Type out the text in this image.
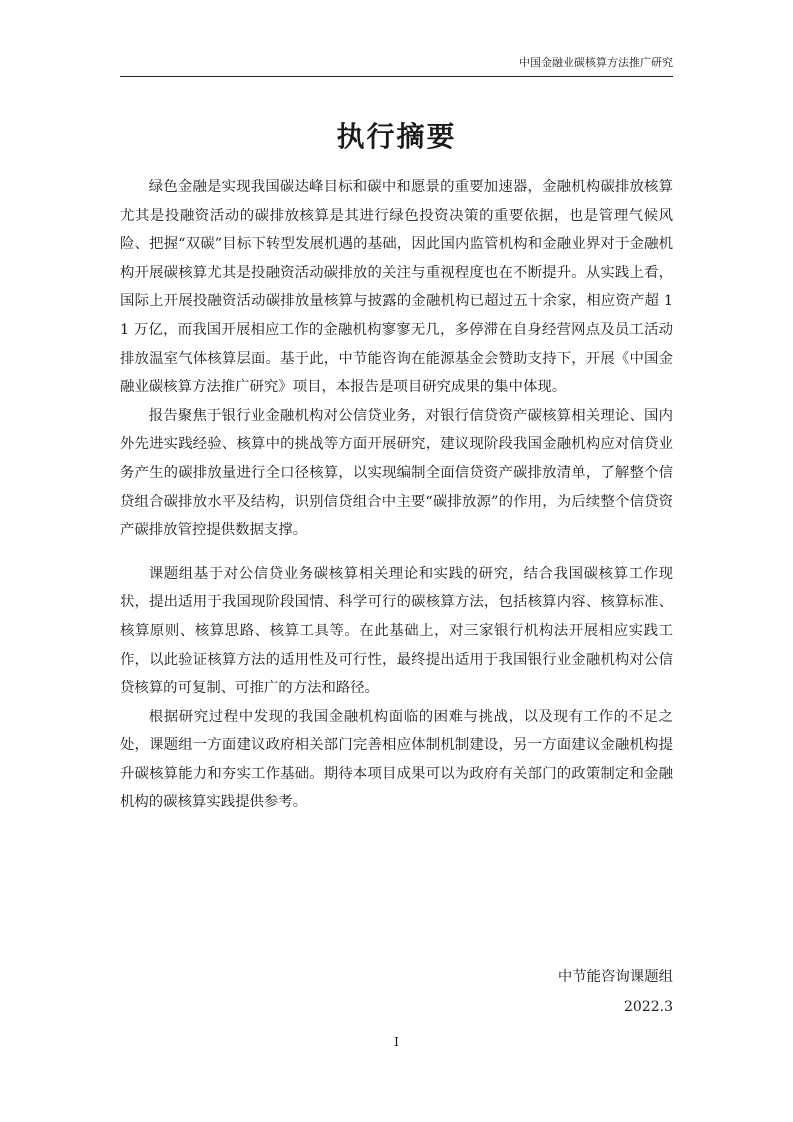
中国金融业碳核算方法推广研究
执行摘要

绿色金融是实现我国碳达峰目标和碳中和愿景的重要加速器，金融机构碳排放核算尤其是投融资活动的碳排放核算是其进行绿色投资决策的重要依据，也是管理气候风险、把握“双碳”目标下转型发展机遇的基础，因此国内监管机构和金融业界对于金融机构开展碳核算尤其是投融资活动碳排放的关注与重视程度也在不断提升。从实践上看，国际上开展投融资活动碳排放量核算与披露的金融机构已超过五十余家，相应资产超 11 万亿，而我国开展相应工作的金融机构寥寥无几，多停滞在自身经营网点及员工活动排放温室气体核算层面。基于此，中节能咨询在能源基金会赞助支持下，开展《中国金融业碳核算方法推广研究》项目，本报告是项目研究成果的集中体现。

报告聚焦于银行业金融机构对公信贷业务，对银行信贷资产碳核算相关理论、国内外先进实践经验、核算中的挑战等方面开展研究，建议现阶段我国金融机构应对信贷业务产生的碳排放量进行全口径核算，以实现编制全面信贷资产碳排放清单，了解整个信贷组合碳排放水平及结构，识别信贷组合中主要“碳排放源”的作用，为后续整个信贷资产碳排放管控提供数据支撑。

课题组基于对公信贷业务碳核算相关理论和实践的研究，结合我国碳核算工作现状，提出适用于我国现阶段国情、科学可行的碳核算方法，包括核算内容、核算标准、核算原则、核算思路、核算工具等。在此基础上，对三家银行机构法开展相应实践工作，以此验证核算方法的适用性及可行性，最终提出适用于我国银行业金融机构对公信贷核算的可复制、可推广的方法和路径。

根据研究过程中发现的我国金融机构面临的困难与挑战，以及现有工作的不足之处，课题组一方面建议政府相关部门完善相应体制机制建设，另一方面建议金融机构提升碳核算能力和夯实工作基础。期待本项目成果可以为政府有关部门的政策制定和金融机构的碳核算实践提供参考。

中节能咨询课题组
2022.3
I
